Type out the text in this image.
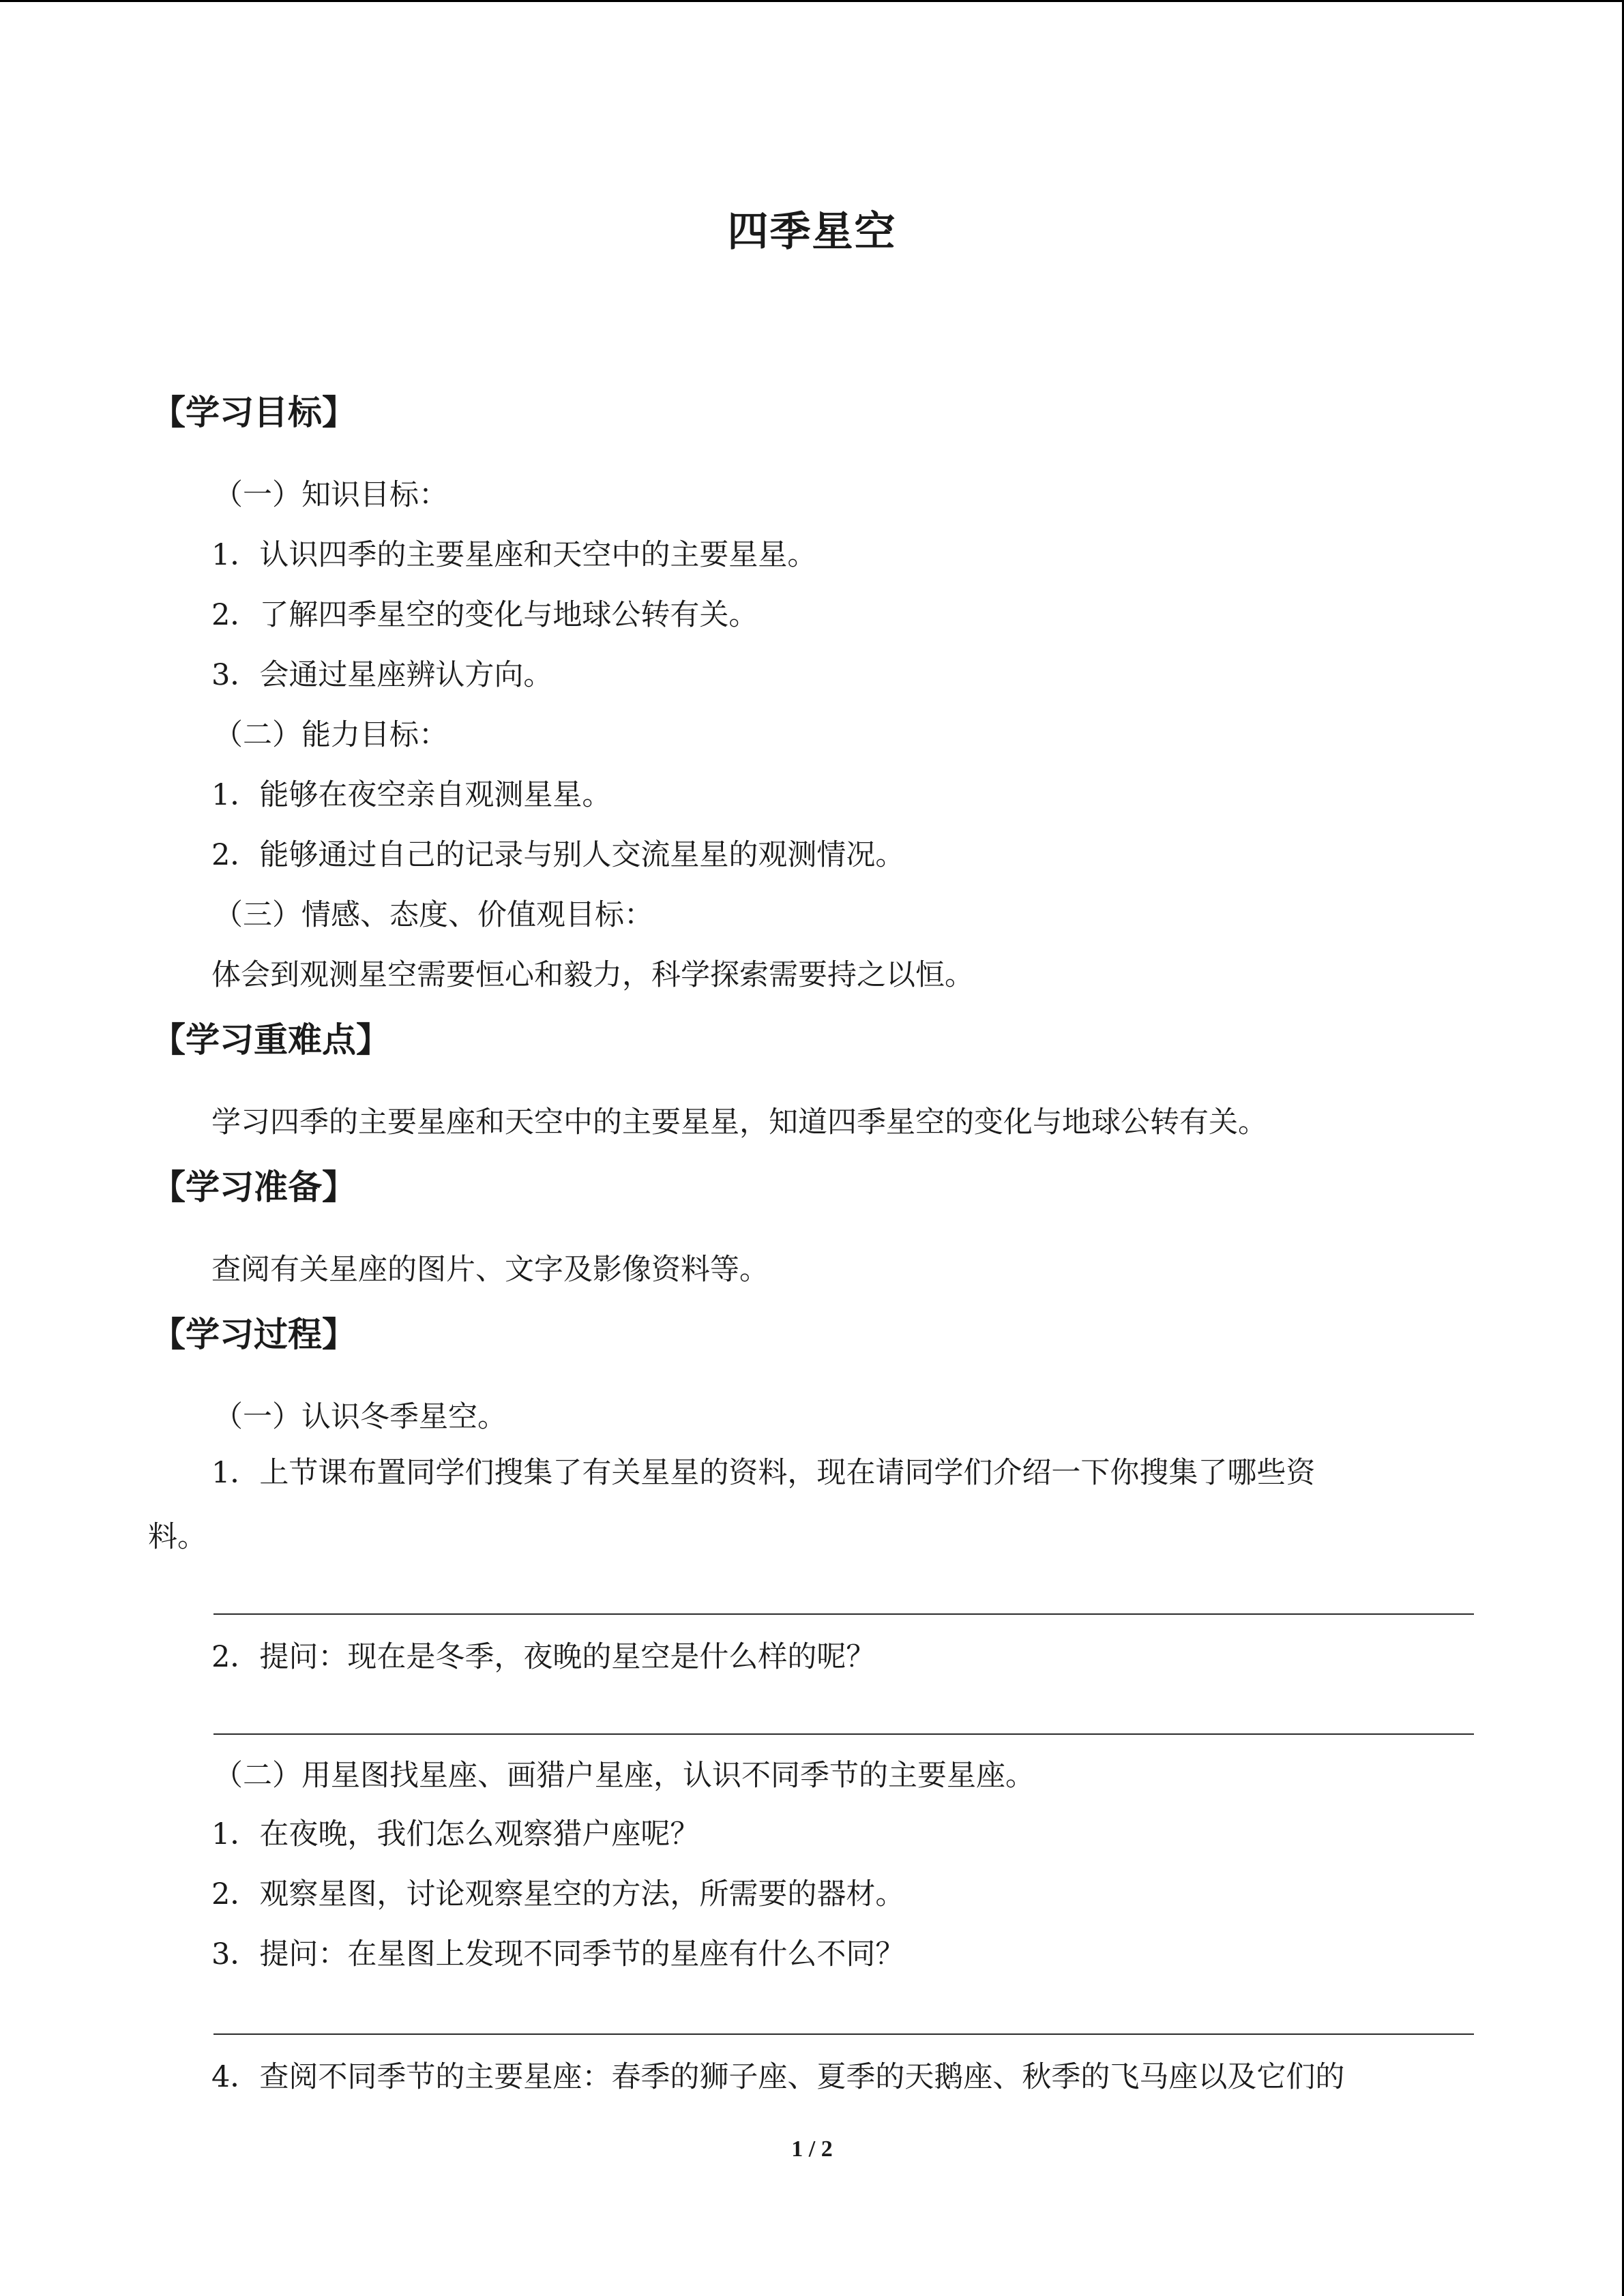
四季星空
【学习目标】
（一）知识目标：
1．认识四季的主要星座和天空中的主要星星。
2．了解四季星空的变化与地球公转有关。
3．会通过星座辨认方向。
（二）能力目标：
1．能够在夜空亲自观测星星。
2．能够通过自己的记录与别人交流星星的观测情况。
（三）情感、态度、价值观目标：
体会到观测星空需要恒心和毅力，科学探索需要持之以恒。
【学习重难点】
学习四季的主要星座和天空中的主要星星，知道四季星空的变化与地球公转有关。
【学习准备】
查阅有关星座的图片、文字及影像资料等。
【学习过程】
（一）认识冬季星空。
1．上节课布置同学们搜集了有关星星的资料，现在请同学们介绍一下你搜集了哪些资
料。
2．提问：现在是冬季，夜晚的星空是什么样的呢？
（二）用星图找星座、画猎户星座，认识不同季节的主要星座。
1．在夜晚，我们怎么观察猎户座呢？
2．观察星图，讨论观察星空的方法，所需要的器材。
3．提问：在星图上发现不同季节的星座有什么不同？
4．查阅不同季节的主要星座：春季的狮子座、夏季的天鹅座、秋季的飞马座以及它们的
1 / 2
